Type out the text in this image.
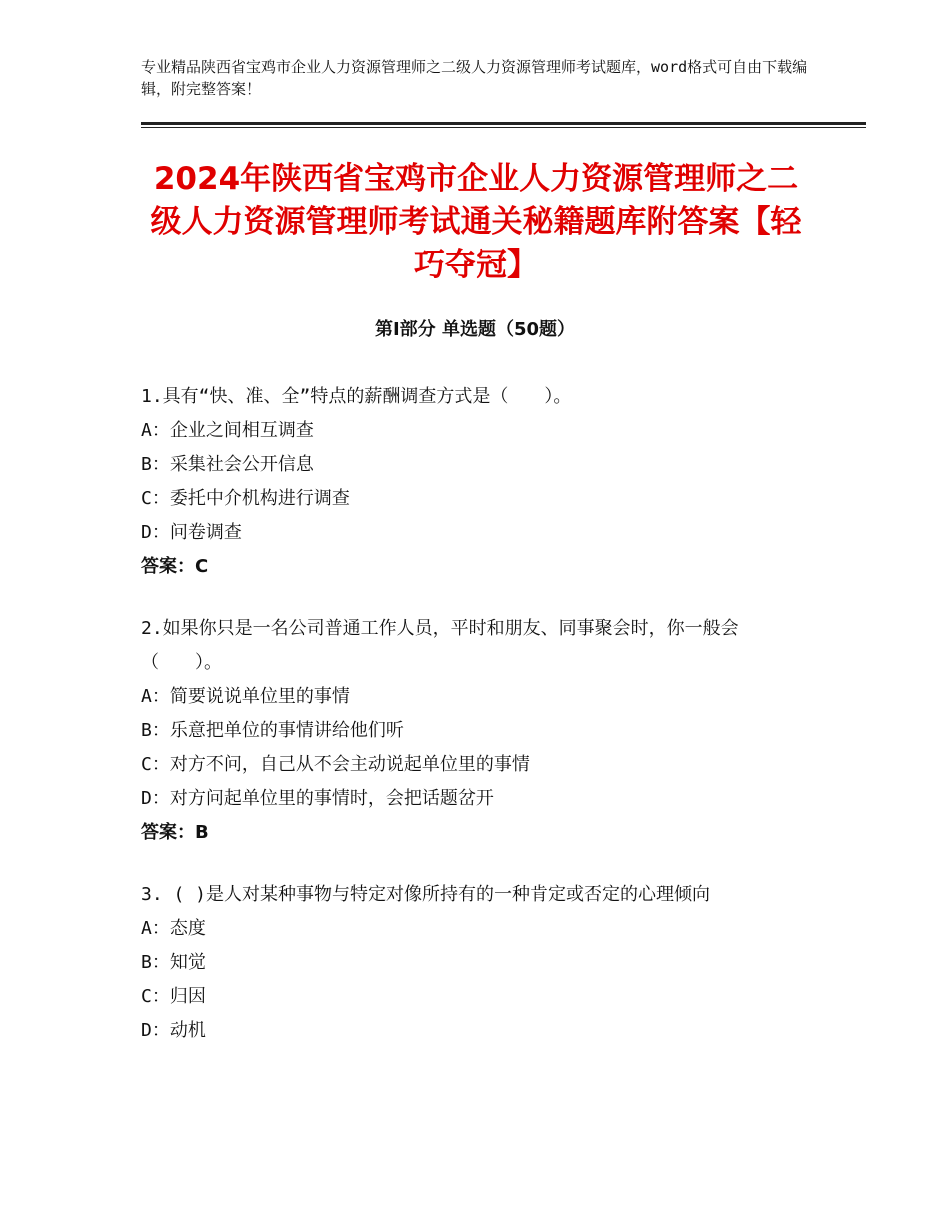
专业精品陕西省宝鸡市企业人力资源管理师之二级人力资源管理师考试题库，word格式可自由下载编辑，附完整答案！
2024年陕西省宝鸡市企业人力资源管理师之二级人力资源管理师考试通关秘籍题库附答案【轻巧夺冠】
第Ⅰ部分 单选题（50题）
1.具有“快、准、全”特点的薪酬调查方式是（　　）。
A：企业之间相互调查
B：采集社会公开信息
C：委托中介机构进行调查
D：问卷调查
答案：C
2.如果你只是一名公司普通工作人员，平时和朋友、同事聚会时，你一般会（　　）。
A：简要说说单位里的事情
B：乐意把单位的事情讲给他们听
C：对方不问，自己从不会主动说起单位里的事情
D：对方问起单位里的事情时，会把话题岔开
答案：B
3. ( )是人对某种事物与特定对像所持有的一种肯定或否定的心理倾向
A：态度
B：知觉
C：归因
D：动机
